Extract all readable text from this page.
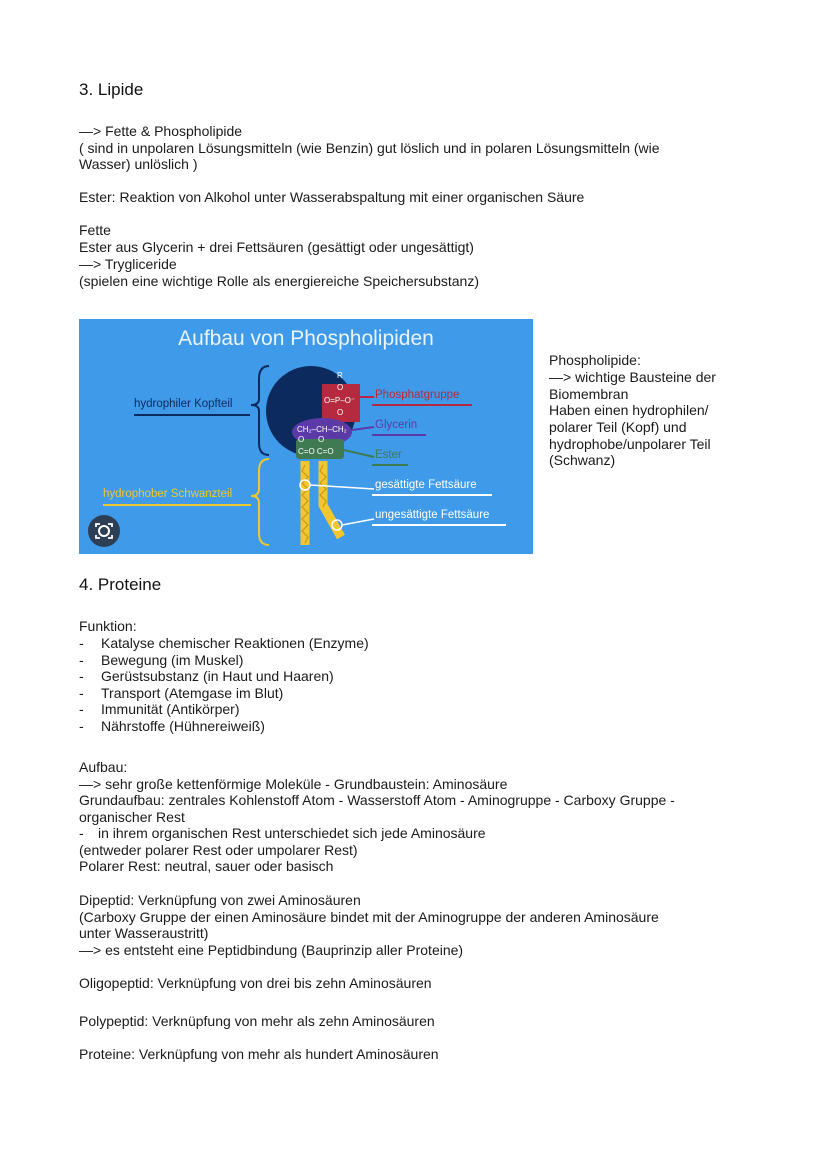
3. Lipide
—> Fette & Phospholipide
( sind in unpolaren Lösungsmitteln (wie Benzin) gut löslich und in polaren Lösungsmitteln (wie
Wasser) unlöslich )
Ester: Reaktion von Alkohol unter Wasserabspaltung mit einer organischen Säure
Fette
Ester aus Glycerin + drei Fettsäuren (gesättigt oder ungesättigt)
—> Trygliceride
(spielen eine wichtige Rolle als energiereiche Speichersubstanz)
Aufbau von Phospholipiden
R
O
O=P–O⁻
O
CH₂–CH–CH₂
O O
C=O C=O
hydrophiler Kopfteil
hydrophober Schwanzteil
Phosphatgruppe
Glycerin
Ester
gesättigte Fettsäure
ungesättigte Fettsäure
Phospholipide:
—> wichtige Bausteine der
Biomembran
Haben einen hydrophilen/
polarer Teil (Kopf) und
hydrophobe/unpolarer Teil
(Schwanz)
4. Proteine
Funktion:
- Katalyse chemischer Reaktionen (Enzyme)
- Bewegung (im Muskel)
- Gerüstsubstanz (in Haut und Haaren)
- Transport (Atemgase im Blut)
- Immunität (Antikörper)
- Nährstoffe (Hühnereiweiß)
Aufbau:
—> sehr große kettenförmige Moleküle - Grundbaustein: Aminosäure
Grundaufbau: zentrales Kohlenstoff Atom - Wasserstoff Atom - Aminogruppe - Carboxy Gruppe -
organischer Rest
- in ihrem organischen Rest unterschiedet sich jede Aminosäure
(entweder polarer Rest oder umpolarer Rest)
Polarer Rest: neutral, sauer oder basisch
Dipeptid: Verknüpfung von zwei Aminosäuren
(Carboxy Gruppe der einen Aminosäure bindet mit der Aminogruppe der anderen Aminosäure
unter Wasseraustritt)
—> es entsteht eine Peptidbindung (Bauprinzip aller Proteine)
Oligopeptid: Verknüpfung von drei bis zehn Aminosäuren
Polypeptid: Verknüpfung von mehr als zehn Aminosäuren
Proteine: Verknüpfung von mehr als hundert Aminosäuren
